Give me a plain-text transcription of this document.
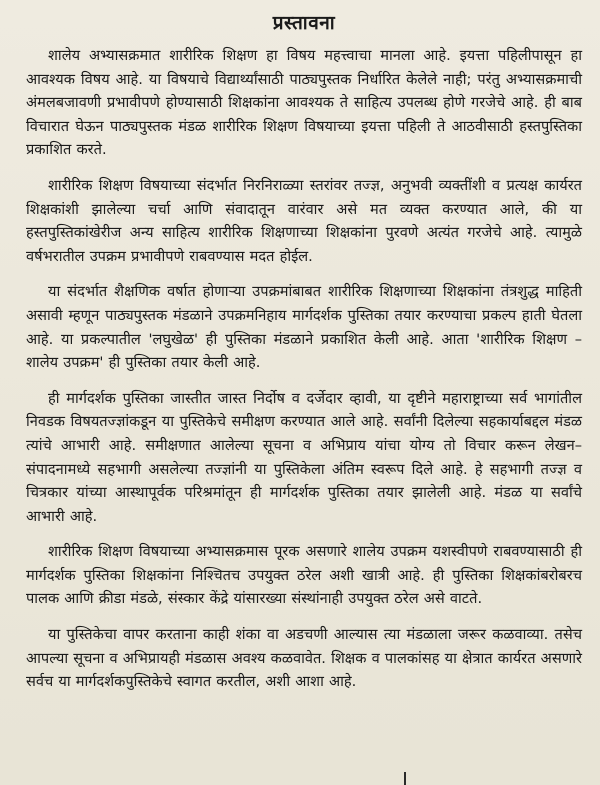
प्रस्तावना

शालेय अभ्यासक्रमात शारीरिक शिक्षण हा विषय महत्त्वाचा मानला आहे. इयत्ता पहिलीपासून हा आवश्यक विषय आहे. या विषयाचे विद्यार्थ्यांसाठी पाठ्यपुस्तक निर्धारित केलेले नाही; परंतु अभ्यासक्रमाची अंमलबजावणी प्रभावीपणे होण्यासाठी शिक्षकांना आवश्यक ते साहित्य उपलब्ध होणे गरजेचे आहे. ही बाब विचारात घेऊन पाठ्यपुस्तक मंडळ शारीरिक शिक्षण विषयाच्या इयत्ता पहिली ते आठवीसाठी हस्तपुस्तिका प्रकाशित करते.

शारीरिक शिक्षण विषयाच्या संदर्भात निरनिराळ्या स्तरांवर तज्ज्ञ, अनुभवी व्यक्तींशी व प्रत्यक्ष कार्यरत शिक्षकांशी झालेल्या चर्चा आणि संवादातून वारंवार असे मत व्यक्त करण्यात आले, की या हस्तपुस्तिकांखेरीज अन्य साहित्य शारीरिक शिक्षणाच्या शिक्षकांना पुरवणे अत्यंत गरजेचे आहे. त्यामुळे वर्षभरातील उपक्रम प्रभावीपणे राबवण्यास मदत होईल.

या संदर्भात शैक्षणिक वर्षात होणाऱ्या उपक्रमांबाबत शारीरिक शिक्षणाच्या शिक्षकांना तंत्रशुद्ध माहिती असावी म्हणून पाठ्यपुस्तक मंडळाने उपक्रमनिहाय मार्गदर्शक पुस्तिका तयार करण्याचा प्रकल्प हाती घेतला आहे. या प्रकल्पातील 'लघुखेळ' ही पुस्तिका मंडळाने प्रकाशित केली आहे. आता 'शारीरिक शिक्षण – शालेय उपक्रम' ही पुस्तिका तयार केली आहे.

ही मार्गदर्शक पुस्तिका जास्तीत जास्त निर्दोष व दर्जेदार व्हावी, या दृष्टीने महाराष्ट्राच्या सर्व भागांतील निवडक विषयतज्ज्ञांकडून या पुस्तिकेचे समीक्षण करण्यात आले आहे. सर्वांनी दिलेल्या सहकार्याबद्दल मंडळ त्यांचे आभारी आहे. समीक्षणात आलेल्या सूचना व अभिप्राय यांचा योग्य तो विचार करून लेखन–संपादनामध्ये सहभागी असलेल्या तज्ज्ञांनी या पुस्तिकेला अंतिम स्वरूप दिले आहे. हे सहभागी तज्ज्ञ व चित्रकार यांच्या आस्थापूर्वक परिश्रमांतून ही मार्गदर्शक पुस्तिका तयार झालेली आहे. मंडळ या सर्वांचे आभारी आहे.

शारीरिक शिक्षण विषयाच्या अभ्यासक्रमास पूरक असणारे शालेय उपक्रम यशस्वीपणे राबवण्यासाठी ही मार्गदर्शक पुस्तिका शिक्षकांना निश्चितच उपयुक्त ठरेल अशी खात्री आहे. ही पुस्तिका शिक्षकांबरोबरच पालक आणि क्रीडा मंडळे, संस्कार केंद्रे यांसारख्या संस्थांनाही उपयुक्त ठरेल असे वाटते.

या पुस्तिकेचा वापर करताना काही शंका वा अडचणी आल्यास त्या मंडळाला जरूर कळवाव्या. तसेच आपल्या सूचना व अभिप्रायही मंडळास अवश्य कळवावेत. शिक्षक व पालकांसह या क्षेत्रात कार्यरत असणारे सर्वच या मार्गदर्शकपुस्तिकेचे स्वागत करतील, अशी आशा आहे.
